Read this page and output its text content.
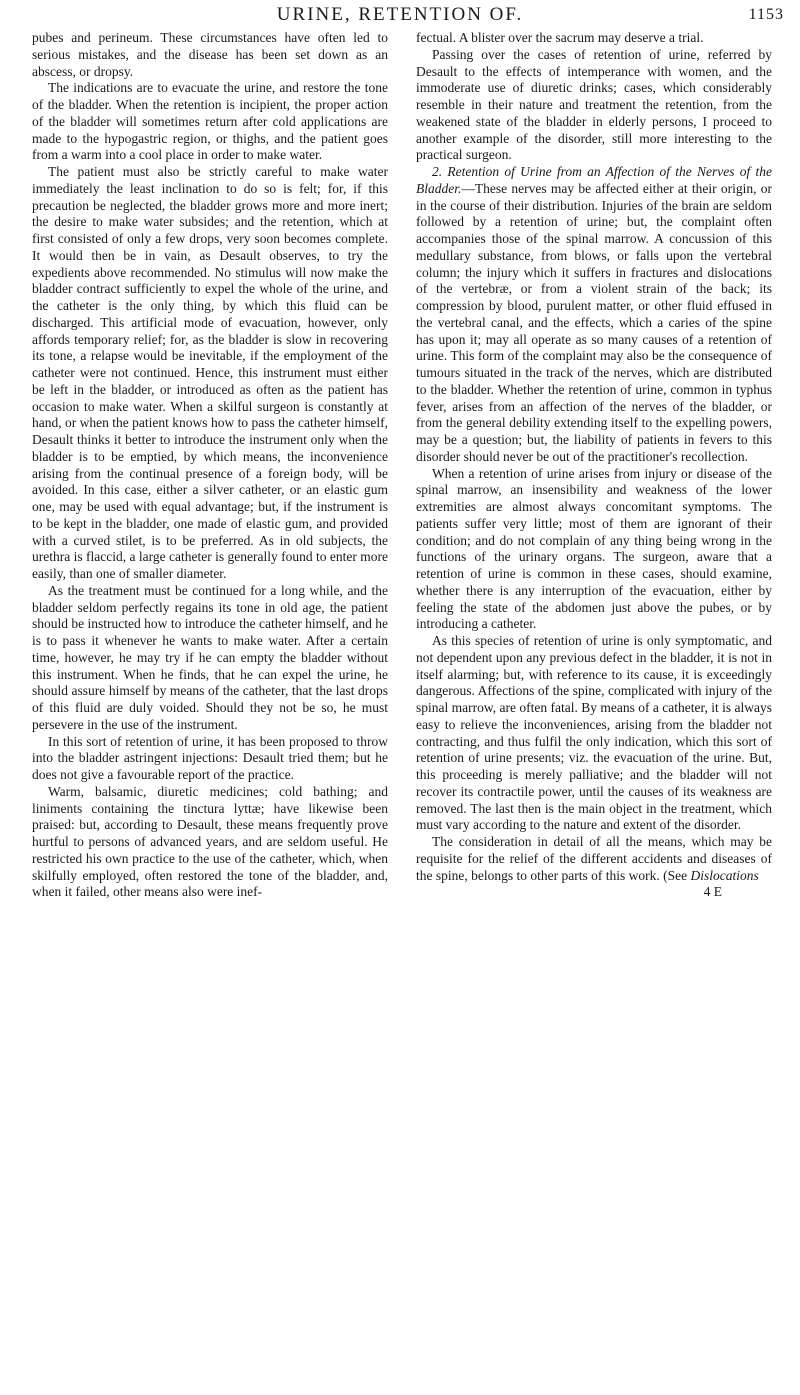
URINE, RETENTION OF.	1153

pubes and perineum. These circumstances have often led to serious mistakes, and the disease has been set down as an abscess, or dropsy.

The indications are to evacuate the urine, and restore the tone of the bladder. When the retention is incipient, the proper action of the bladder will sometimes return after cold applications are made to the hypogastric region, or thighs, and the patient goes from a warm into a cool place in order to make water.

The patient must also be strictly careful to make water immediately the least inclination to do so is felt; for, if this precaution be neglected, the bladder grows more and more inert; the desire to make water subsides; and the retention, which at first consisted of only a few drops, very soon becomes complete. It would then be in vain, as Desault observes, to try the expedients above recommended. No stimulus will now make the bladder contract sufficiently to expel the whole of the urine, and the catheter is the only thing, by which this fluid can be discharged. This artificial mode of evacuation, however, only affords temporary relief; for, as the bladder is slow in recovering its tone, a relapse would be inevitable, if the employment of the catheter were not continued. Hence, this instrument must either be left in the bladder, or introduced as often as the patient has occasion to make water. When a skilful surgeon is constantly at hand, or when the patient knows how to pass the catheter himself, Desault thinks it better to introduce the instrument only when the bladder is to be emptied, by which means, the inconvenience arising from the continual presence of a foreign body, will be avoided. In this case, either a silver catheter, or an elastic gum one, may be used with equal advantage; but, if the instrument is to be kept in the bladder, one made of elastic gum, and provided with a curved stilet, is to be preferred. As in old subjects, the urethra is flaccid, a large catheter is generally found to enter more easily, than one of smaller diameter.

As the treatment must be continued for a long while, and the bladder seldom perfectly regains its tone in old age, the patient should be instructed how to introduce the catheter himself, and he is to pass it whenever he wants to make water. After a certain time, however, he may try if he can empty the bladder without this instrument. When he finds, that he can expel the urine, he should assure himself by means of the catheter, that the last drops of this fluid are duly voided. Should they not be so, he must persevere in the use of the instrument.

In this sort of retention of urine, it has been proposed to throw into the bladder astringent injections: Desault tried them; but he does not give a favourable report of the practice.

Warm, balsamic, diuretic medicines; cold bathing; and liniments containing the tinctura lyttæ; have likewise been praised: but, according to Desault, these means frequently prove hurtful to persons of advanced years, and are seldom useful. He restricted his own practice to the use of the catheter, which, when skilfully employed, often restored the tone of the bladder, and, when it failed, other means also were inef-

fectual. A blister over the sacrum may deserve a trial.

Passing over the cases of retention of urine, referred by Desault to the effects of intemperance with women, and the immoderate use of diuretic drinks; cases, which considerably resemble in their nature and treatment the retention, from the weakened state of the bladder in elderly persons, I proceed to another example of the disorder, still more interesting to the practical surgeon.

2. Retention of Urine from an Affection of the Nerves of the Bladder.—These nerves may be affected either at their origin, or in the course of their distribution. Injuries of the brain are seldom followed by a retention of urine; but, the complaint often accompanies those of the spinal marrow. A concussion of this medullary substance, from blows, or falls upon the vertebral column; the injury which it suffers in fractures and dislocations of the vertebræ, or from a violent strain of the back; its compression by blood, purulent matter, or other fluid effused in the vertebral canal, and the effects, which a caries of the spine has upon it; may all operate as so many causes of a retention of urine. This form of the complaint may also be the consequence of tumours situated in the track of the nerves, which are distributed to the bladder. Whether the retention of urine, common in typhus fever, arises from an affection of the nerves of the bladder, or from the general debility extending itself to the expelling powers, may be a question; but, the liability of patients in fevers to this disorder should never be out of the practitioner's recollection.

When a retention of urine arises from injury or disease of the spinal marrow, an insensibility and weakness of the lower extremities are almost always concomitant symptoms. The patients suffer very little; most of them are ignorant of their condition; and do not complain of any thing being wrong in the functions of the urinary organs. The surgeon, aware that a retention of urine is common in these cases, should examine, whether there is any interruption of the evacuation, either by feeling the state of the abdomen just above the pubes, or by introducing a catheter.

As this species of retention of urine is only symptomatic, and not dependent upon any previous defect in the bladder, it is not in itself alarming; but, with reference to its cause, it is exceedingly dangerous. Affections of the spine, complicated with injury of the spinal marrow, are often fatal. By means of a catheter, it is always easy to relieve the inconveniences, arising from the bladder not contracting, and thus fulfil the only indication, which this sort of retention of urine presents; viz. the evacuation of the urine. But, this proceeding is merely palliative; and the bladder will not recover its contractile power, until the causes of its weakness are removed. The last then is the main object in the treatment, which must vary according to the nature and extent of the disorder.

The consideration in detail of all the means, which may be requisite for the relief of the different accidents and diseases of the spine, belongs to other parts of this work. (See Dislocations

4 E
